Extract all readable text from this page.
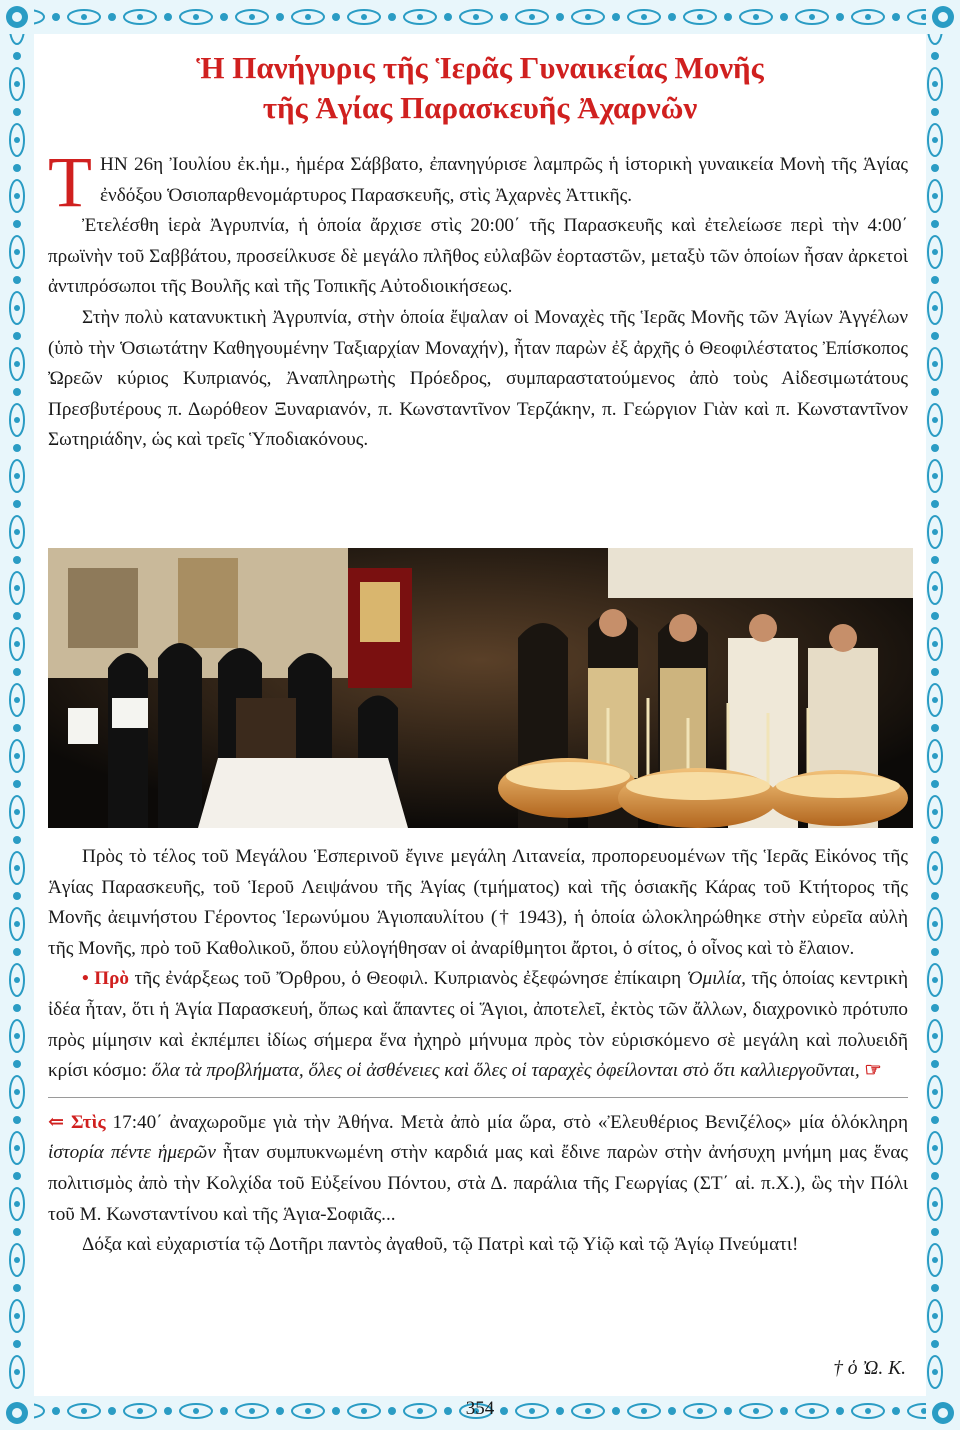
Ἡ Πανήγυρις τῆς Ἱερᾶς Γυναικείας Μονῆς
τῆς Ἁγίας Παρασκευῆς Ἀχαρνῶν

ΤΗΝ 26η Ἰουλίου ἐκ.ἡμ., ἡμέρα Σάββατο, ἐπανηγύρισε λαμπρῶς ἡ ἱστορικὴ γυναικεία Μονὴ τῆς Ἁγίας ἐνδόξου Ὁσιοπαρθενομάρτυρος Παρασκευῆς, στὶς Ἀχαρνὲς Ἀττικῆς.

Ἐτελέσθη ἱερὰ Ἀγρυπνία, ἡ ὁποία ἄρχισε στὶς 20:00΄ τῆς Παρασκευῆς καὶ ἐτελείωσε περὶ τὴν 4:00΄ πρωϊνὴν τοῦ Σαββάτου, προσείλκυσε δὲ μεγάλο πλῆθος εὐλαβῶν ἑορταστῶν, μεταξὺ τῶν ὁποίων ἦσαν ἀρκετοὶ ἀντιπρόσωποι τῆς Βουλῆς καὶ τῆς Τοπικῆς Αὐτοδιοικήσεως.

Στὴν πολὺ κατανυκτικὴ Ἀγρυπνία, στὴν ὁποία ἔψαλαν οἱ Μοναχὲς τῆς Ἱερᾶς Μονῆς τῶν Ἁγίων Ἀγγέλων (ὑπὸ τὴν Ὁσιωτάτην Καθηγουμένην Ταξιαρχίαν Μοναχήν), ἦταν παρὼν ἐξ ἀρχῆς ὁ Θεοφιλέστατος Ἐπίσκοπος Ὠρεῶν κύριος Κυπριανός, Ἀναπληρωτὴς Πρόεδρος, συμπαραστατούμενος ἀπὸ τοὺς Αἰδεσιμωτάτους Πρεσβυτέρους π. Δωρόθεον Ξυναριανόν, π. Κωνσταντῖνον Τερζάκην, π. Γεώργιον Γιὰν καὶ π. Κωνσταντῖνον Σωτηριάδην, ὡς καὶ τρεῖς Ὑποδιακόνους.

Πρὸς τὸ τέλος τοῦ Μεγάλου Ἑσπερινοῦ ἔγινε μεγάλη Λιτανεία, προπορευομένων τῆς Ἱερᾶς Εἰκόνος τῆς Ἁγίας Παρασκευῆς, τοῦ Ἱεροῦ Λειψάνου τῆς Ἁγίας (τμήματος) καὶ τῆς ὁσιακῆς Κάρας τοῦ Κτήτορος τῆς Μονῆς ἀειμνήστου Γέροντος Ἱερωνύμου Ἁγιοπαυλίτου († 1943), ἡ ὁποία ὡλοκληρώθηκε στὴν εὐρεῖα αὐλὴ τῆς Μονῆς, πρὸ τοῦ Καθολικοῦ, ὅπου εὐλογήθησαν οἱ ἀναρίθμητοι ἄρτοι, ὁ σίτος, ὁ οἶνος καὶ τὸ ἔλαιον.

• Πρὸ τῆς ἐνάρξεως τοῦ Ὄρθρου, ὁ Θεοφιλ. Κυπριανὸς ἐξεφώνησε ἐπίκαιρη Ὁμιλία, τῆς ὁποίας κεντρικὴ ἰδέα ἦταν, ὅτι ἡ Ἁγία Παρασκευή, ὅπως καὶ ἅπαντες οἱ Ἅγιοι, ἀποτελεῖ, ἐκτὸς τῶν ἄλλων, διαχρονικὸ πρότυπο πρὸς μίμησιν καὶ ἐκπέμπει ἰδίως σήμερα ἕνα ἠχηρὸ μήνυμα πρὸς τὸν εὑρισκόμενο σὲ μεγάλη καὶ πολυειδῆ κρίσι κόσμο: ὅλα τὰ προβλήματα, ὅλες οἱ ἀσθένειες καὶ ὅλες οἱ ταραχὲς ὀφείλονται στὸ ὅτι καλλιεργοῦνται, ☞

⇐ Στὶς 17:40΄ ἀναχωροῦμε γιὰ τὴν Ἀθήνα. Μετὰ ἀπὸ μία ὥρα, στὸ «Ἐλευθέριος Βενιζέλος» μία ὁλόκληρη ἱστορία πέντε ἡμερῶν ἦταν συμπυκνωμένη στὴν καρδιά μας καὶ ἔδινε παρὼν στὴν ἀνήσυχη μνήμη μας ἕνας πολιτισμὸς ἀπὸ τὴν Κολχίδα τοῦ Εὐξείνου Πόντου, στὰ Δ. παράλια τῆς Γεωργίας (ΣΤ΄ αἰ. π.Χ.), ὣς τὴν Πόλι τοῦ Μ. Κωνσταντίνου καὶ τῆς Ἁγια-Σοφιᾶς...

Δόξα καὶ εὐχαριστία τῷ Δοτῆρι παντὸς ἀγαθοῦ, τῷ Πατρὶ καὶ τῷ Υἱῷ καὶ τῷ Ἁγίῳ Πνεύματι!

† ὁ Ὠ. Κ.
354
